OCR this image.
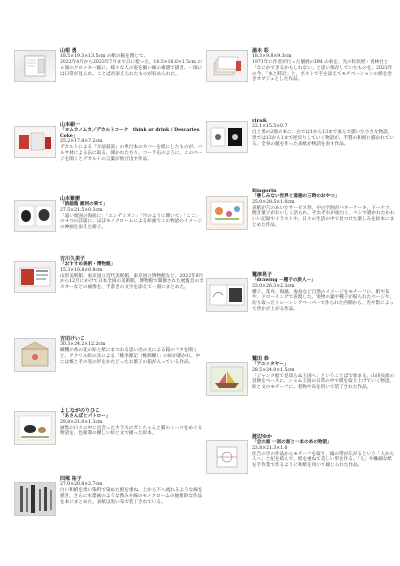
山根 勇
18.5×19.3×13.5cm の紙の箱を閉じて、
2022年4月から2023年7月まで日に使った、16.5×18.0×1.5cm の６冊のクロッキー帳に、様々な人の姿を細い線の素描で描き、一部には日常が見られ、ことばが添えられたものが収められた。
山本絹一
「ヨムカノムカ／デカルトコーク　think or drink / Descartes Coke」
25.2×17.8×7.2cm
デカルトによる『方法叙説』の単行本のカバーを紙にしたものが、バルサ材による缶に取る、開かれた方々、コーラ缶のように、このページを開くとデカルトの言葉が飛び出す作品。
山本紫樹
「詩画集 銀河の果て」
27.5×21.5×0.3cm
「遠い異国の海底に」「エンデミオン」「月のように開いて」「ここ」の４つの詩篇に、ほぼモノクロームによる絵画でこの物語のイメージの神画を添えた冊子。
吉川久美子
「おすすめ美術・博物館」
15.3×10.8×0.8cm
山形美術館、東京国立近代美術館、東京国立博物館など、2022年8月から12月にかけて日本全国の美術館、博物館で開催された展覧会のポスターなどの画像を、手書きの文字を添えて一冊にまとめた。
吉田けいこ
30.3×24.2×12.2cm
織機の糸の花の絵と紙にまつわる思い出の文による箱のフタを開くと、アクリル絵の具による「桃李源記（桃源郷）」の絵が描かれ、中には桃とその実の形をかたどったお菓子の箱が入っている作品。
よしながのりひこ
「あさんぽとパトロー」
29.8×21.0×1.3cm
画集の日々の中に出会ったカラスのガンちゃんと猫のミーコをめぐる物語を、色鉛筆の優しい絵と文で綴った絵本。
四塚 祐子
27.0×20.8×2.7cm
白い和紙を黒い染料で染めた紙を重ね、上から下へ流れるような線を描き、さらに水墨画のような滲みや線のモノクロームの抽象的な作品を本にまとめた。表紙は黒い布で装丁されている。
湯本 彩
18.3×9.8×9.3cm
1971年に作者が行った個展のDM の束を、光の粒状紙・青林社と「なにかできるかもしれない」と思い保存していたものを、2023年の今、「本と時計」と、ポストで手を添えてモチベーションの紙を巻きオブジェとした作品。
riruK
22.1×15.5×0.7
白と黒の2冊の本に、白では1から13まで並んで描いた小さな物語、黒では13から1まで逆戻りしていく物語が、手製の和紙に描かれている。全身の鏡を作った表紙が物語を表す作品。
Ringorin
「慈しみない世界と道徳の三時のおやつ」
25.0×28.5×1.0cm
表紙が穴のあいたサービス券、中の空洞がバターケーキ、ドーナツ、焼き菓子がおいしく語られ、それぞれが面白く、ペンで描かれたかわいい記録やイラストや、日々の生活の中で見つけた楽しみを絵本にまとめた作品。
鷲津晃子
「drawing －種子の旅人－」
33.0×26.3×2.3cm
種子、花弁、海藻、海鳥など自然のイメージをモチーフに、紙や布や、ドローイングで表現した。実物の葉や種子が貼られたページや、切り取ったトレーシングペーパーで作られた内側から、光や影によって浮かび上がる作品。
鷲田 恭
「アユッタヤー」
28.5×24.0×1.5cm
「ジャンク船で見知らぬ王国へ」ということばで始まる、山田長政の冒険をベースに、シャム王国の日常の中で紙を取り上げていく物語。絵と文のモチーフに、着物や布を用いて装丁された作品。
渡辺ゆか
「全の面 一回の面と一本の糸の物語」
23.8×21.3×1.0
住吉の空の作品からモチーフを取り、縁の帯が広がるという「人から人へ」と紀を結んで、紙を重ねて美しい形を作る。「人」や繊細な紙を手作業で作るように和紙を用いて綴じられた作品。
